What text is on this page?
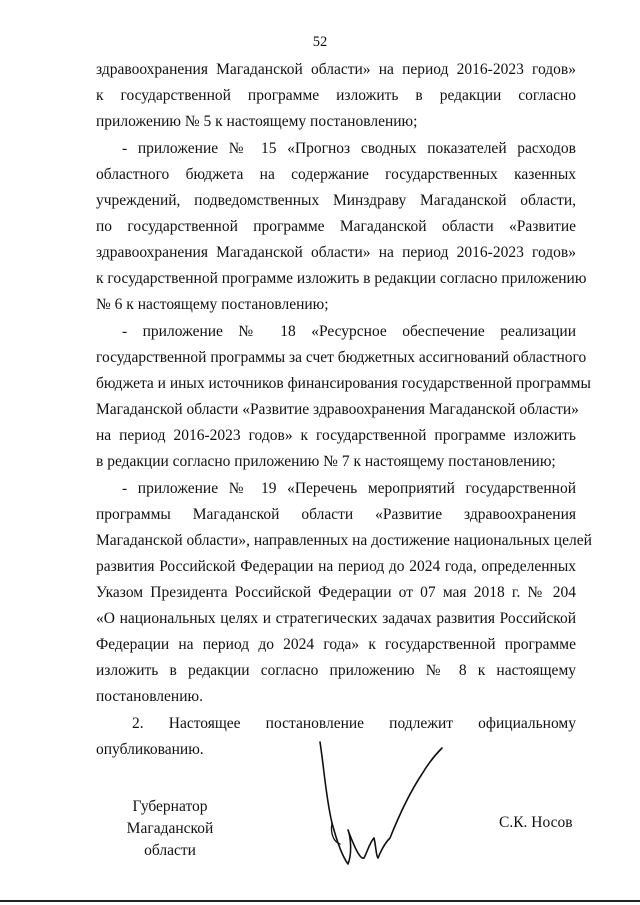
52
здравоохранения Магаданской области» на период 2016-2023 годов»
к государственной программе изложить в редакции согласно
приложению № 5 к настоящему постановлению;
- приложение № 15 «Прогноз сводных показателей расходов
областного бюджета на содержание государственных казенных
учреждений, подведомственных Минздраву Магаданской области,
по государственной программе Магаданской области «Развитие
здравоохранения Магаданской области» на период 2016-2023 годов»
к государственной программе изложить в редакции согласно приложению
№ 6 к настоящему постановлению;
- приложение № 18 «Ресурсное обеспечение реализации
государственной программы за счет бюджетных ассигнований областного
бюджета и иных источников финансирования государственной программы
Магаданской области «Развитие здравоохранения Магаданской области»
на период 2016-2023 годов» к государственной программе изложить
в редакции согласно приложению № 7 к настоящему постановлению;
- приложение № 19 «Перечень мероприятий государственной
программы Магаданской области «Развитие здравоохранения
Магаданской области», направленных на достижение национальных целей
развития Российской Федерации на период до 2024 года, определенных
Указом Президента Российской Федерации от 07 мая 2018 г. № 204
«О национальных целях и стратегических задачах развития Российской
Федерации на период до 2024 года» к государственной программе
изложить в редакции согласно приложению № 8 к настоящему
постановлению.
2. Настоящее постановление подлежит официальному
опубликованию.
Губернатор
Магаданской области
С.К. Носов
